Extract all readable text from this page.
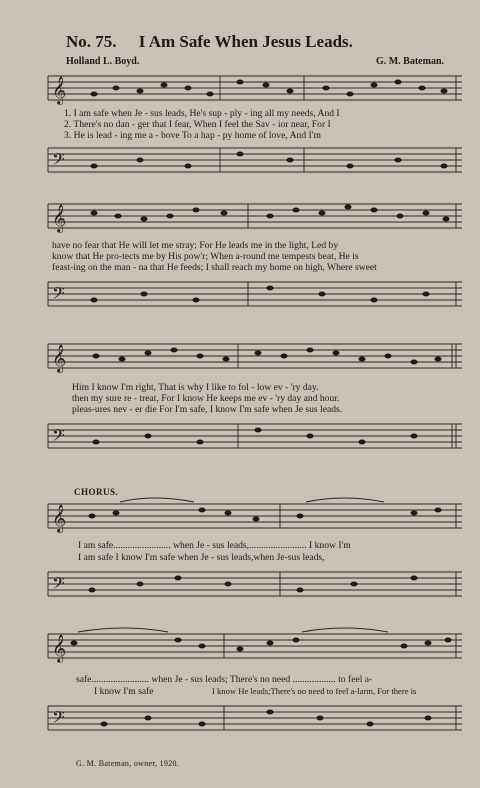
No. 75. I Am Safe When Jesus Leads.
Holland L. Boyd.	G. M. Bateman.
𝄞
1. I am safe when Je - sus leads, He's sup - ply - ing all my needs, And I
2. There's no dan - ger that I fear, When I feel the Sav - ior near, For I
3. He is lead - ing me a - bove To a hap - py home of love, And I'm
𝄢
𝄞
have no fear that He will let me stray; For He leads me in the light, Led by
know that He pro-tects me by His pow'r; When a-round me tempests beat, He is
feast-ing on the man - na that He feeds; I shall reach my home on high, Where sweet
𝄢
𝄞
Him I know I'm right, That is why I like to fol - low ev - 'ry day.
then my sure re - treat, For I know He keeps me ev - 'ry day and hour.
pleas-ures nev - er die For I'm safe, I know I'm safe when Je sus leads.
𝄢
CHORUS.
𝄞
I am safe........................ when Je - sus leads,........................ I know I'm
I am safe I know I'm safe when Je - sus leads,when Je-sus leads,
𝄢
𝄞
safe........................ when Je - sus leads; There's no need .................. to feel a-
I know I'm safe	I know He leads;There's no need to feel a-larm, For there is
𝄢
G. M. Bateman, owner, 1920.
